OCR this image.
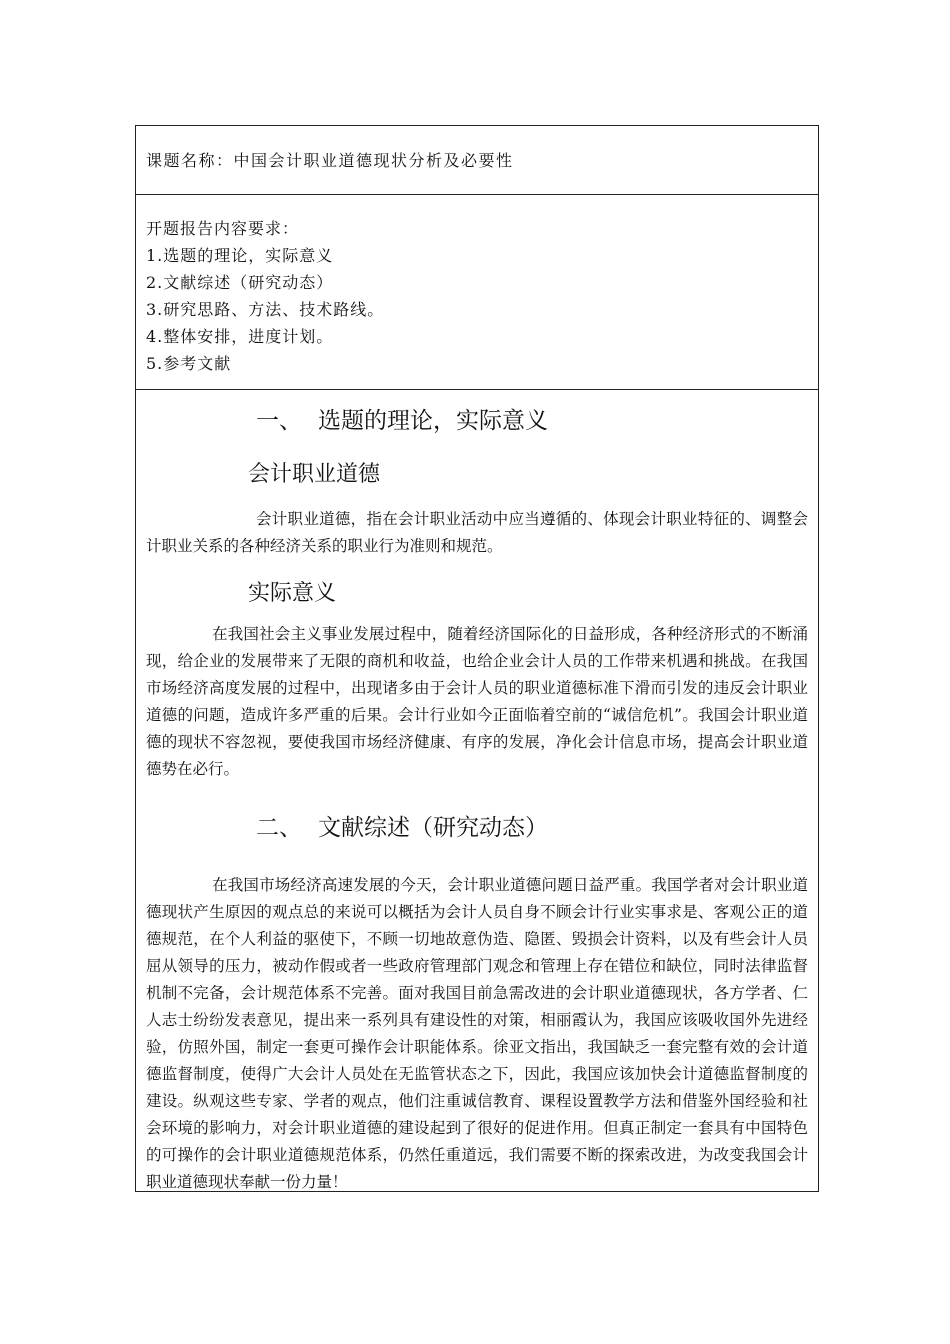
课题名称：中国会计职业道德现状分析及必要性
开题报告内容要求：
1.选题的理论，实际意义
2.文献综述（研究动态）
3.研究思路、方法、技术路线。
4.整体安排，进度计划。
5.参考文献
一、 选题的理论，实际意义
会计职业道德

会计职业道德，指在会计职业活动中应当遵循的、体现会计职业特征的、调整会计职业关系的各种经济关系的职业行为准则和规范。

实际意义

在我国社会主义事业发展过程中，随着经济国际化的日益形成，各种经济形式的不断涌现，给企业的发展带来了无限的商机和收益，也给企业会计人员的工作带来机遇和挑战。在我国市场经济高度发展的过程中，出现诸多由于会计人员的职业道德标准下滑而引发的违反会计职业道德的问题，造成许多严重的后果。会计行业如今正面临着空前的“诚信危机”。我国会计职业道德的现状不容忽视，要使我国市场经济健康、有序的发展，净化会计信息市场，提高会计职业道德势在必行。

二、 文献综述（研究动态）

在我国市场经济高速发展的今天，会计职业道德问题日益严重。我国学者对会计职业道德现状产生原因的观点总的来说可以概括为会计人员自身不顾会计行业实事求是、客观公正的道德规范，在个人利益的驱使下，不顾一切地故意伪造、隐匿、毁损会计资料，以及有些会计人员屈从领导的压力，被动作假或者一些政府管理部门观念和管理上存在错位和缺位，同时法律监督机制不完备，会计规范体系不完善。面对我国目前急需改进的会计职业道德现状，各方学者、仁人志士纷纷发表意见，提出来一系列具有建设性的对策，相丽霞认为，我国应该吸收国外先进经验，仿照外国，制定一套更可操作会计职能体系。徐亚文指出，我国缺乏一套完整有效的会计道德监督制度，使得广大会计人员处在无监管状态之下，因此，我国应该加快会计道德监督制度的建设。纵观这些专家、学者的观点，他们注重诚信教育、课程设置教学方法和借鉴外国经验和社会环境的影响力，对会计职业道德的建设起到了很好的促进作用。但真正制定一套具有中国特色的可操作的会计职业道德规范体系，仍然任重道远，我们需要不断的探索改进，为改变我国会计职业道德现状奉献一份力量！
